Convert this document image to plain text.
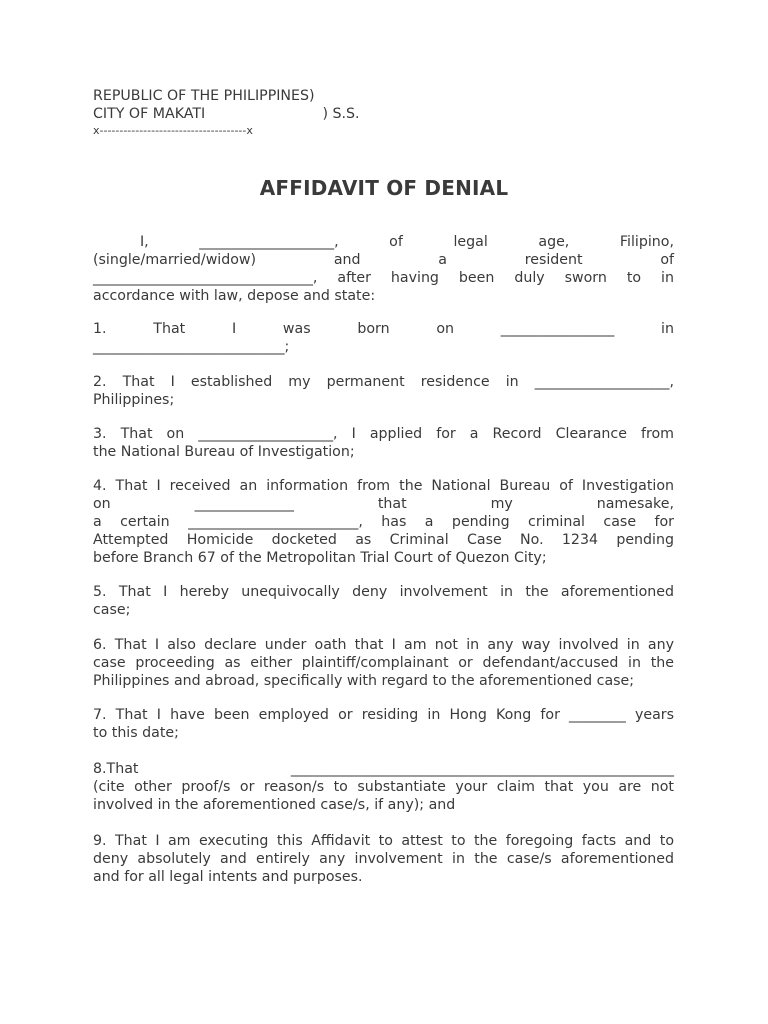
REPUBLIC OF THE PHILIPPINES)
CITY OF MAKATI                          ) S.S.
x-------------------------------------x
AFFIDAVIT OF DENIAL
I, ___________________, of legal age, Filipino,
(single/married/widow) and a resident of
_______________________________, after having been duly sworn to in
accordance with law, depose and state:
1. That I was born on ________________ in
___________________________;
2. That I established my permanent residence in ___________________,
Philippines;
3. That on ___________________, I applied for a Record Clearance from
the National Bureau of Investigation;
4. That I received an information from the National Bureau of Investigation
on ______________ that my namesake,
a certain ________________________, has a pending criminal case for
Attempted Homicide docketed as Criminal Case No. 1234 pending
before Branch 67 of the Metropolitan Trial Court of Quezon City;
5. That I hereby unequivocally deny involvement in the aforementioned
case;
6. That I also declare under oath that I am not in any way involved in any
case proceeding as either plaintiff/complainant or defendant/accused in the
Philippines and abroad, specifically with regard to the aforementioned case;
7. That I have been employed or residing in Hong Kong for ________ years
to this date;
8.That ______________________________________________________
(cite other proof/s or reason/s to substantiate your claim that you are not
involved in the aforementioned case/s, if any); and
9. That I am executing this Affidavit to attest to the foregoing facts and to
deny absolutely and entirely any involvement in the case/s aforementioned
and for all legal intents and purposes.
